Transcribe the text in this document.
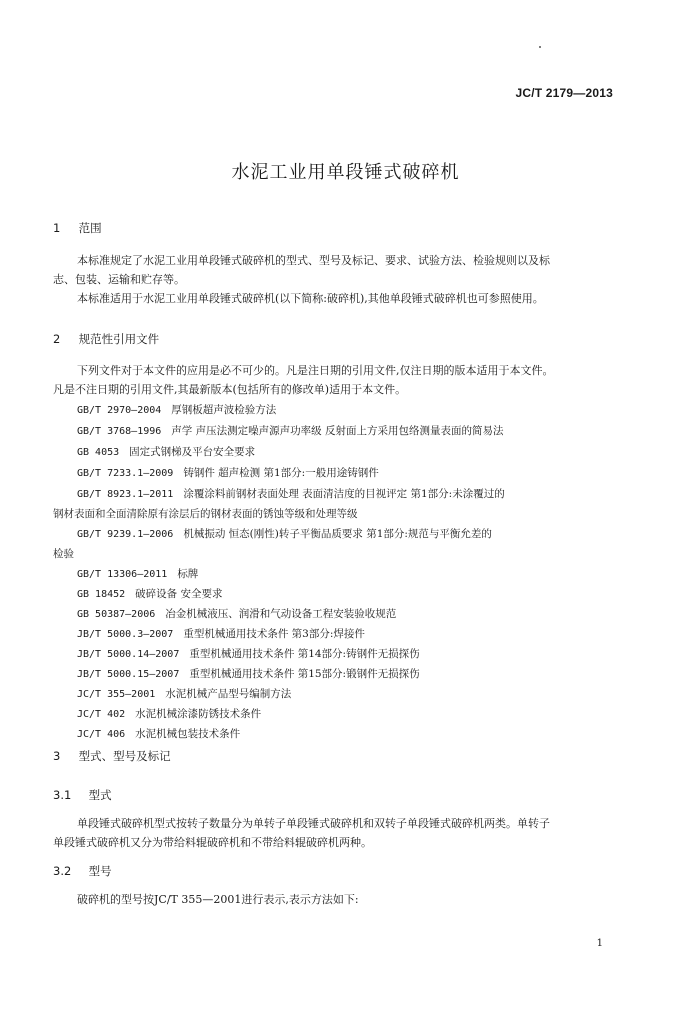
JC/T 2179—2013
水泥工业用单段锤式破碎机
1 范围
本标准规定了水泥工业用单段锤式破碎机的型式、型号及标记、要求、试验方法、检验规则以及标
志、包装、运输和贮存等。
本标准适用于水泥工业用单段锤式破碎机(以下简称:破碎机),其他单段锤式破碎机也可参照使用。
2 规范性引用文件
下列文件对于本文件的应用是必不可少的。凡是注日期的引用文件,仅注日期的版本适用于本文件。
凡是不注日期的引用文件,其最新版本(包括所有的修改单)适用于本文件。
GB/T 2970—2004 厚钢板超声波检验方法
GB/T 3768—1996 声学 声压法测定噪声源声功率级 反射面上方采用包络测量表面的简易法
GB 4053 固定式钢梯及平台安全要求
GB/T 7233.1—2009 铸钢件 超声检测 第1部分:一般用途铸钢件
GB/T 8923.1—2011 涂覆涂料前钢材表面处理 表面清洁度的目视评定 第1部分:未涂覆过的
钢材表面和全面清除原有涂层后的钢材表面的锈蚀等级和处理等级
GB/T 9239.1—2006 机械振动 恒态(刚性)转子平衡品质要求 第1部分:规范与平衡允差的
检验
GB/T 13306—2011 标牌
GB 18452 破碎设备 安全要求
GB 50387—2006 冶金机械液压、润滑和气动设备工程安装验收规范
JB/T 5000.3—2007 重型机械通用技术条件 第3部分:焊接件
JB/T 5000.14—2007 重型机械通用技术条件 第14部分:铸钢件无损探伤
JB/T 5000.15—2007 重型机械通用技术条件 第15部分:锻钢件无损探伤
JC/T 355—2001 水泥机械产品型号编制方法
JC/T 402 水泥机械涂漆防锈技术条件
JC/T 406 水泥机械包装技术条件
3 型式、型号及标记
3.1 型式
单段锤式破碎机型式按转子数量分为单转子单段锤式破碎机和双转子单段锤式破碎机两类。单转子
单段锤式破碎机又分为带给料辊破碎机和不带给料辊破碎机两种。
3.2 型号
破碎机的型号按JC/T 355—2001进行表示,表示方法如下:
1
